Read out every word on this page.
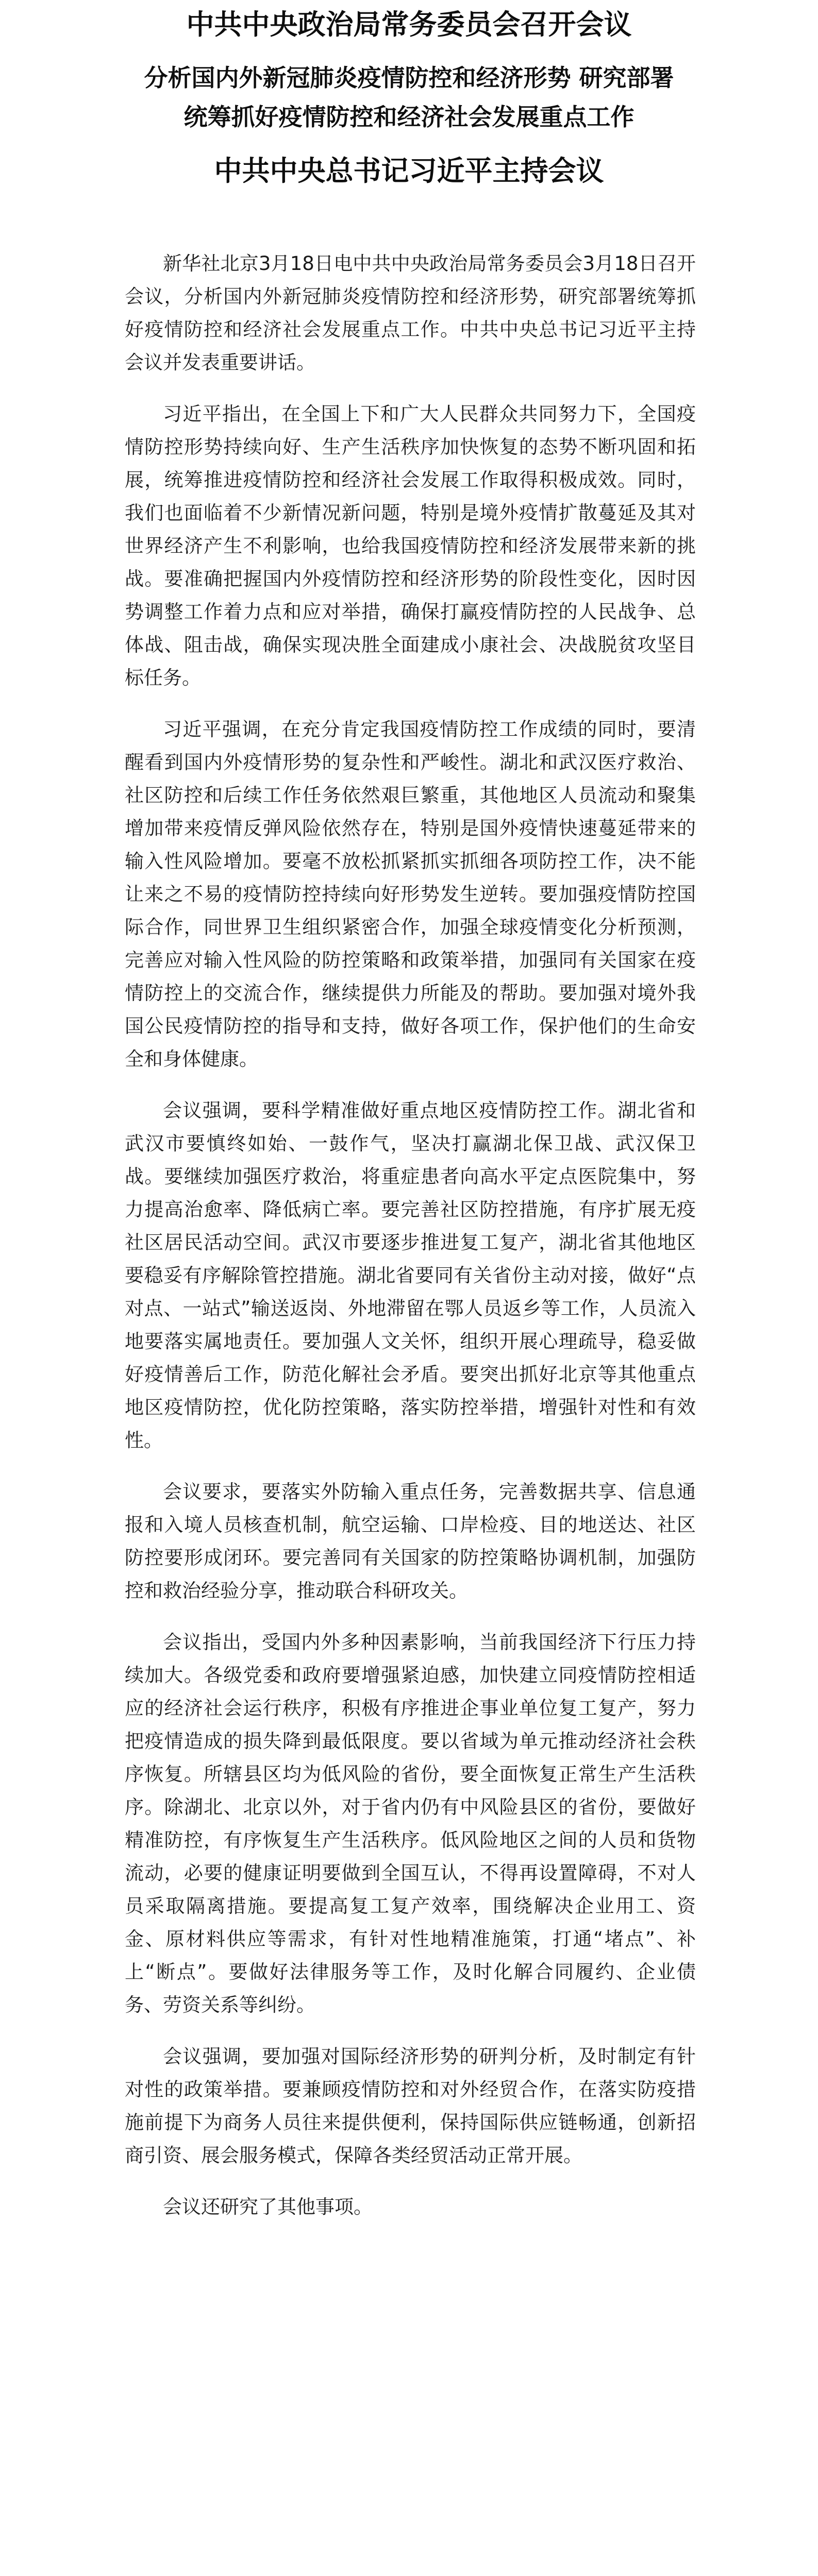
中共中央政治局常务委员会召开会议
分析国内外新冠肺炎疫情防控和经济形势 研究部署
统筹抓好疫情防控和经济社会发展重点工作
中共中央总书记习近平主持会议

新华社北京3月18日电中共中央政治局常务委员会3月18日召开会议，分析国内外新冠肺炎疫情防控和经济形势，研究部署统筹抓好疫情防控和经济社会发展重点工作。中共中央总书记习近平主持会议并发表重要讲话。

习近平指出，在全国上下和广大人民群众共同努力下，全国疫情防控形势持续向好、生产生活秩序加快恢复的态势不断巩固和拓展，统筹推进疫情防控和经济社会发展工作取得积极成效。同时，我们也面临着不少新情况新问题，特别是境外疫情扩散蔓延及其对世界经济产生不利影响，也给我国疫情防控和经济发展带来新的挑战。要准确把握国内外疫情防控和经济形势的阶段性变化，因时因势调整工作着力点和应对举措，确保打赢疫情防控的人民战争、总体战、阻击战，确保实现决胜全面建成小康社会、决战脱贫攻坚目标任务。

习近平强调，在充分肯定我国疫情防控工作成绩的同时，要清醒看到国内外疫情形势的复杂性和严峻性。湖北和武汉医疗救治、社区防控和后续工作任务依然艰巨繁重，其他地区人员流动和聚集增加带来疫情反弹风险依然存在，特别是国外疫情快速蔓延带来的输入性风险增加。要毫不放松抓紧抓实抓细各项防控工作，决不能让来之不易的疫情防控持续向好形势发生逆转。要加强疫情防控国际合作，同世界卫生组织紧密合作，加强全球疫情变化分析预测，完善应对输入性风险的防控策略和政策举措，加强同有关国家在疫情防控上的交流合作，继续提供力所能及的帮助。要加强对境外我国公民疫情防控的指导和支持，做好各项工作，保护他们的生命安全和身体健康。

会议强调，要科学精准做好重点地区疫情防控工作。湖北省和武汉市要慎终如始、一鼓作气，坚决打赢湖北保卫战、武汉保卫战。要继续加强医疗救治，将重症患者向高水平定点医院集中，努力提高治愈率、降低病亡率。要完善社区防控措施，有序扩展无疫社区居民活动空间。武汉市要逐步推进复工复产，湖北省其他地区要稳妥有序解除管控措施。湖北省要同有关省份主动对接，做好“点对点、一站式”输送返岗、外地滞留在鄂人员返乡等工作，人员流入地要落实属地责任。要加强人文关怀，组织开展心理疏导，稳妥做好疫情善后工作，防范化解社会矛盾。要突出抓好北京等其他重点地区疫情防控，优化防控策略，落实防控举措，增强针对性和有效性。

会议要求，要落实外防输入重点任务，完善数据共享、信息通报和入境人员核查机制，航空运输、口岸检疫、目的地送达、社区防控要形成闭环。要完善同有关国家的防控策略协调机制，加强防控和救治经验分享，推动联合科研攻关。

会议指出，受国内外多种因素影响，当前我国经济下行压力持续加大。各级党委和政府要增强紧迫感，加快建立同疫情防控相适应的经济社会运行秩序，积极有序推进企事业单位复工复产，努力把疫情造成的损失降到最低限度。要以省域为单元推动经济社会秩序恢复。所辖县区均为低风险的省份，要全面恢复正常生产生活秩序。除湖北、北京以外，对于省内仍有中风险县区的省份，要做好精准防控，有序恢复生产生活秩序。低风险地区之间的人员和货物流动，必要的健康证明要做到全国互认，不得再设置障碍，不对人员采取隔离措施。要提高复工复产效率，围绕解决企业用工、资金、原材料供应等需求，有针对性地精准施策，打通“堵点”、补上“断点”。要做好法律服务等工作，及时化解合同履约、企业债务、劳资关系等纠纷。

会议强调，要加强对国际经济形势的研判分析，及时制定有针对性的政策举措。要兼顾疫情防控和对外经贸合作，在落实防疫措施前提下为商务人员往来提供便利，保持国际供应链畅通，创新招商引资、展会服务模式，保障各类经贸活动正常开展。

会议还研究了其他事项。
